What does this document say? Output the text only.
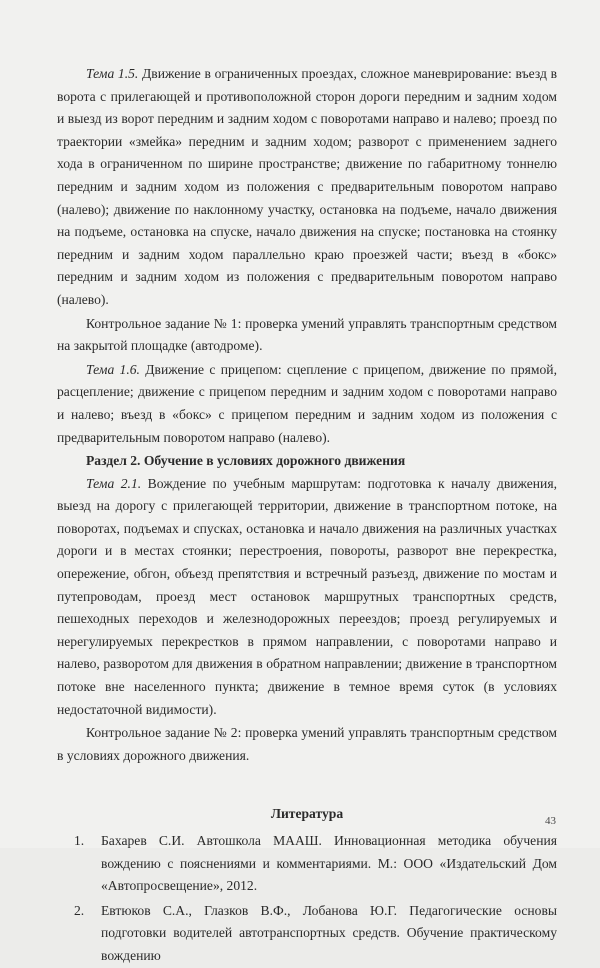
Тема 1.5. Движение в ограниченных проездах, сложное маневрирование: въезд в ворота с прилегающей и противоположной сторон дороги передним и задним ходом и выезд из ворот передним и задним ходом с поворотами направо и налево; проезд по траектории «змейка» передним и задним ходом; разворот с применением заднего хода в ограниченном по ширине пространстве; движение по габаритному тоннелю передним и задним ходом из положения с предварительным поворотом направо (налево); движение по наклонному участку, остановка на подъеме, начало движения на подъеме, остановка на спуске, начало движения на спуске; постановка на стоянку передним и задним ходом параллельно краю проезжей части; въезд в «бокс» передним и задним ходом из положения с предварительным поворотом направо (налево).

Контрольное задание № 1: проверка умений управлять транспортным средством на закрытой площадке (автодроме).

Тема 1.6. Движение с прицепом: сцепление с прицепом, движение по прямой, расцепление; движение с прицепом передним и задним ходом с поворотами направо и налево; въезд в «бокс» с прицепом передним и задним ходом из положения с предварительным поворотом направо (налево).

Раздел 2. Обучение в условиях дорожного движения

Тема 2.1. Вождение по учебным маршрутам: подготовка к началу движения, выезд на дорогу с прилегающей территории, движение в транспортном потоке, на поворотах, подъемах и спусках, остановка и начало движения на различных участках дороги и в местах стоянки; перестроения, повороты, разворот вне перекрестка, опережение, обгон, объезд препятствия и встречный разъезд, движение по мостам и путепроводам, проезд мест остановок маршрутных транспортных средств, пешеходных переходов и железнодорожных переездов; проезд регулируемых и нерегулируемых перекрестков в прямом направлении, с поворотами направо и налево, разворотом для движения в обратном направлении; движение в транспортном потоке вне населенного пункта; движение в темное время суток (в условиях недостаточной видимости).

Контрольное задание № 2: проверка умений управлять транспортным средством в условиях дорожного движения.

Литература
1.	Бахарев С.И. Автошкола МААШ. Инновационная методика обучения вождению с пояснениями и комментариями. М.: ООО «Издательский Дом «Автопросвещение», 2012.
2.	Евтюков С.А., Глазков В.Ф., Лобанова Ю.Г. Педагогические основы подготовки водителей автотранспортных средств. Обучение практическому вождению
43
